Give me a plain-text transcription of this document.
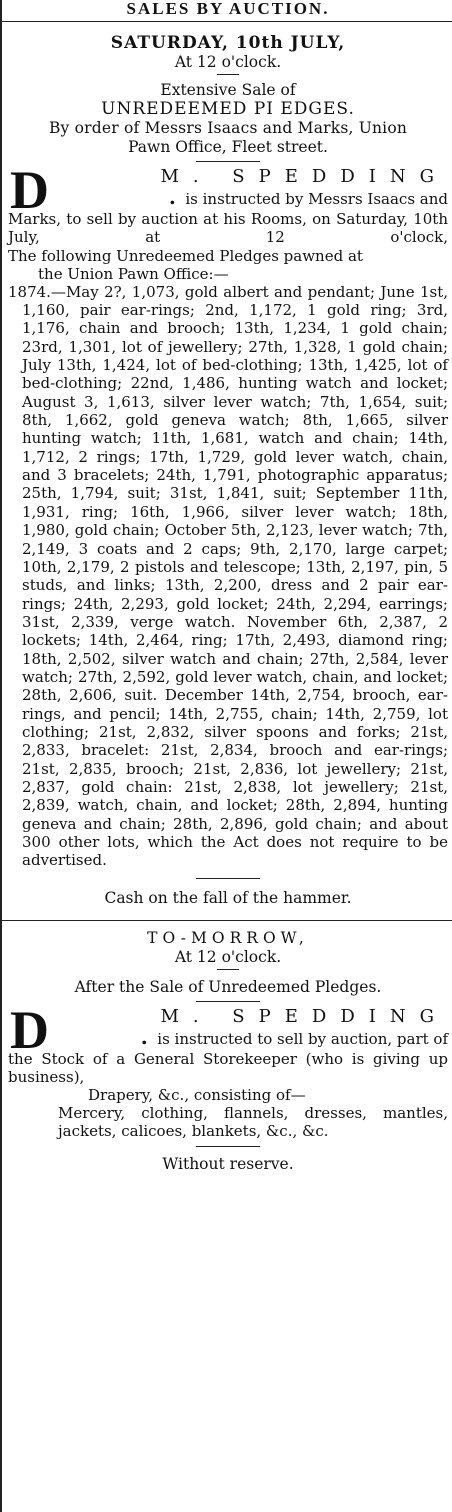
SALES BY AUCTION.
SATURDAY, 10th JULY,
At 12 o'clock.
Extensive Sale of
UNREDEEMED PI EDGES.
By order of Messrs Isaacs and Marks, Union
Pawn Office, Fleet street.
D	M. SPEDDING
. is instructed by Messrs Isaacs and

Marks, to sell by auction at his Rooms, on Saturday, 10th July, at 12 o'clock,

The following Unredeemed Pledges pawned at
the Union Pawn Office:—

1874.—May 2?, 1,073, gold albert and pendant; June 1st, 1,160, pair ear-rings; 2nd, 1,172, 1 gold ring; 3rd, 1,176, chain and brooch; 13th, 1,234, 1 gold chain; 23rd, 1,301, lot of jewellery; 27th, 1,328, 1 gold chain; July 13th, 1,424, lot of bed-clothing; 13th, 1,425, lot of bed-clothing; 22nd, 1,486, hunting watch and locket; August 3, 1,613, silver lever watch; 7th, 1,654, suit; 8th, 1,662, gold geneva watch; 8th, 1,665, silver hunting watch; 11th, 1,681, watch and chain; 14th, 1,712, 2 rings; 17th, 1,729, gold lever watch, chain, and 3 bracelets; 24th, 1,791, photographic apparatus; 25th, 1,794, suit; 31st, 1,841, suit; September 11th, 1,931, ring; 16th, 1,966, silver lever watch; 18th, 1,980, gold chain; October 5th, 2,123, lever watch; 7th, 2,149, 3 coats and 2 caps; 9th, 2,170, large carpet; 10th, 2,179, 2 pistols and telescope; 13th, 2,197, pin, 5 studs, and links; 13th, 2,200, dress and 2 pair ear-rings; 24th, 2,293, gold locket; 24th, 2,294, earrings; 31st, 2,339, verge watch. November 6th, 2,387, 2 lockets; 14th, 2,464, ring; 17th, 2,493, diamond ring; 18th, 2,502, silver watch and chain; 27th, 2,584, lever watch; 27th, 2,592, gold lever watch, chain, and locket; 28th, 2,606, suit. December 14th, 2,754, brooch, ear-rings, and pencil; 14th, 2,755, chain; 14th, 2,759, lot clothing; 21st, 2,832, silver spoons and forks; 21st, 2,833, bracelet: 21st, 2,834, brooch and ear-rings; 21st, 2,835, brooch; 21st, 2,836, lot jewellery; 21st, 2,837, gold chain: 21st, 2,838, lot jewellery; 21st, 2,839, watch, chain, and locket; 28th, 2,894, hunting geneva and chain; 28th, 2,896, gold chain; and about 300 other lots, which the Act does not require to be advertised.

Cash on the fall of the hammer.
TO-MORROW,
At 12 o'clock.
After the Sale of Unredeemed Pledges.
D	M. SPEDDING
. is instructed to sell by auction, part of

the Stock of a General Storekeeper (who is giving up business),

Drapery, &c., consisting of—

Mercery, clothing, flannels, dresses, mantles, jackets, calicoes, blankets, &c., &c.

Without reserve.
